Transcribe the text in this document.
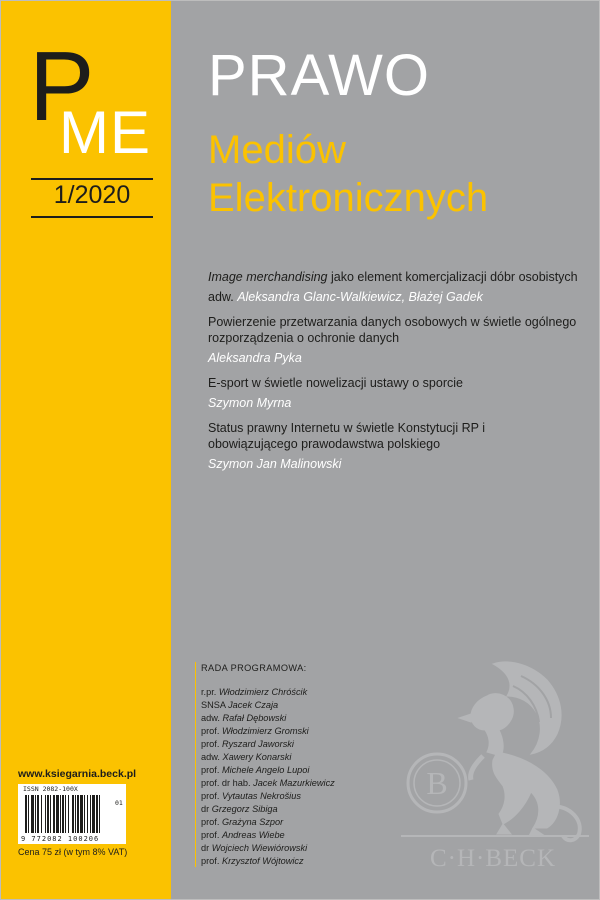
P
ME
1/2020
www.ksiegarnia.beck.pl
ISSN 2082-100X
01
9 772082 100206
Cena 75 zł (w tym 8% VAT)
PRAWO
Mediów
Elektronicznych
Image merchandising jako element komercjalizacji dóbr osobistych
adw. Aleksandra Glanc-Walkiewicz, Błażej Gadek
Powierzenie przetwarzania danych osobowych w świetle ogólnego rozporządzenia o ochronie danych
Aleksandra Pyka
E-sport w świetle nowelizacji ustawy o sporcie
Szymon Myrna
Status prawny Internetu w świetle Konstytucji RP i obowiązującego prawodawstwa polskiego
Szymon Jan Malinowski
RADA PROGRAMOWA:
r.pr. Włodzimierz Chróścik
SNSA Jacek Czaja
adw. Rafał Dębowski
prof. Włodzimierz Gromski
prof. Ryszard Jaworski
adw. Xawery Konarski
prof. Michele Angelo Lupoi
prof. dr hab. Jacek Mazurkiewicz
prof. Vytautas Nekrošius
dr Grzegorz Sibiga
prof. Grażyna Szpor
prof. Andreas Wiebe
dr Wojciech Wiewiórowski
prof. Krzysztof Wójtowicz
B
C·H·BECK
